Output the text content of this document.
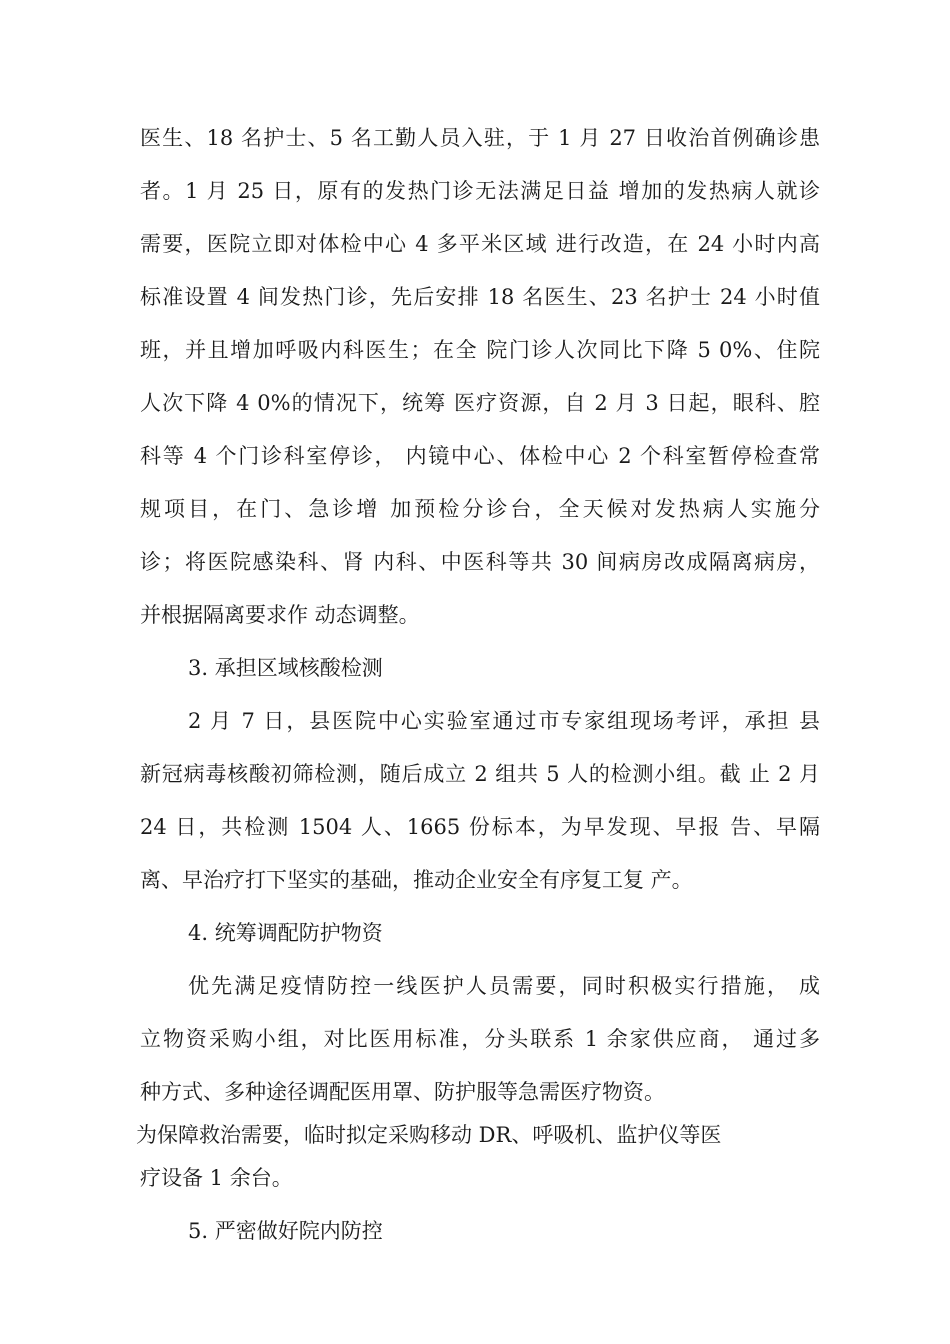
医生、18 名护士、5 名工勤人员入驻，于 1 月 27 日收治首例确诊患
者。1 月 25 日，原有的发热门诊无法满足日益 增加的发热病人就诊
需要，医院立即对体检中心 4 多平米区域 进行改造，在 24 小时内高
标准设置 4 间发热门诊，先后安排 18 名医生、23 名护士 24 小时值
班，并且增加呼吸内科医生；在全 院门诊人次同比下降 5 0%、住院
人次下降 4 0%的情况下，统筹 医疗资源，自 2 月 3 日起，眼科、腔
科等 4 个门诊科室停诊， 内镜中心、体检中心 2 个科室暂停检查常
规项目，在门、急诊增 加预检分诊台，全天候对发热病人实施分
诊；将医院感染科、肾 内科、中医科等共 30 间病房改成隔离病房，
并根据隔离要求作 动态调整。
3. 承担区域核酸检测
2 月 7 日，县医院中心实验室通过市专家组现场考评，承担 县
新冠病毒核酸初筛检测，随后成立 2 组共 5 人的检测小组。截 止 2 月
24 日，共检测 1504 人、1665 份标本，为早发现、早报 告、早隔
离、早治疗打下坚实的基础，推动企业安全有序复工复 产。
4. 统筹调配防护物资
优先满足疫情防控一线医护人员需要，同时积极实行措施， 成
立物资采购小组，对比医用标准，分头联系 1 余家供应商， 通过多
种方式、多种途径调配医用罩、防护服等急需医疗物资。
为保障救治需要，临时拟定采购移动 DR、呼吸机、监护仪等医
疗设备 1 余台。
5. 严密做好院内防控
